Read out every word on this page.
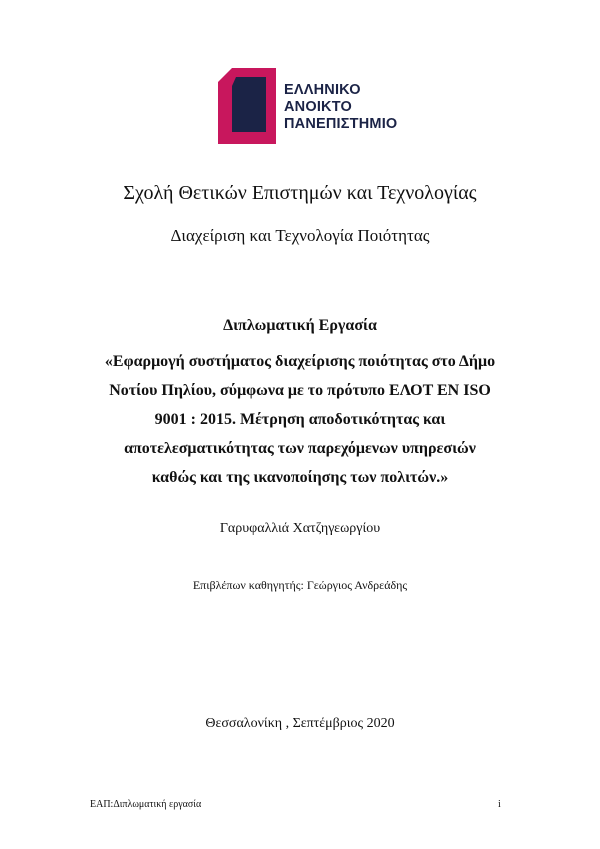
ΕΛΛΗΝΙΚΟ
ΑΝΟΙΚΤΟ
ΠΑΝΕΠΙΣΤΗΜΙΟ
Σχολή Θετικών Επιστημών και Τεχνολογίας
Διαχείριση και Τεχνολογία Ποιότητας
Διπλωματική Εργασία
«Εφαρμογή συστήματος διαχείρισης ποιότητας στο Δήμο
Νοτίου Πηλίου, σύμφωνα με το πρότυπο ΕΛΟΤ ΕΝ ISO
9001 : 2015. Μέτρηση αποδοτικότητας και
αποτελεσματικότητας των παρεχόμενων υπηρεσιών
καθώς και της ικανοποίησης των πολιτών.»
Γαρυφαλλιά Χατζηγεωργίου
Επιβλέπων καθηγητής: Γεώργιος Ανδρεάδης
Θεσσαλονίκη , Σεπτέμβριος 2020
ΕΑΠ:Διπλωματική εργασία	i
